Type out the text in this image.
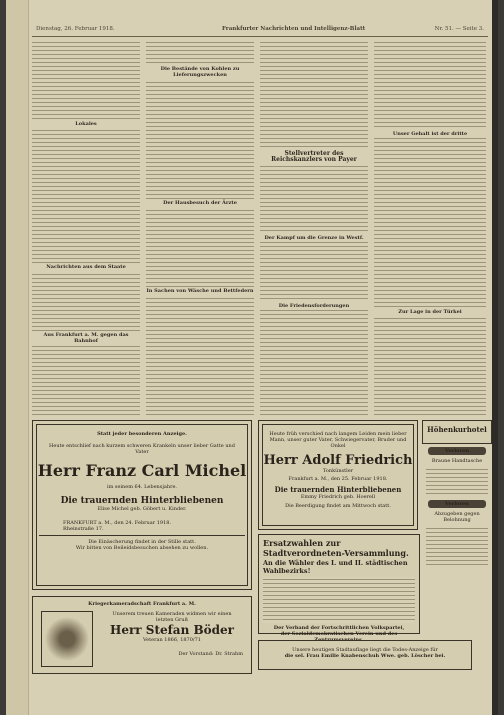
Dienstag, 26. Februar 1918.	Frankfurter Nachrichten und Intelligenz-Blatt	Nr. 51. — Seite 3.
Lokales
Nachrichten aus dem Staate
Aus Frankfurt a. M. gegen das Bahnhof
Die Bestände von Kohlen zu Lieferungszwecken
Der Hausbesuch der Ärzte
In Sachen von Wäsche und Bettfedern
Stellvertreter des Reichskanzlers von Payer
Der Kampf um die Grenze in Westf.
Die Friedensforderungen
Unser Gehalt ist der dritte
Zur Lage in der Türkei
Statt jeder besonderen Anzeige.
Heute entschlief nach kurzem schweren Krankeln unser lieber Gatte und Vater
Herr Franz Carl Michel
im seinem 64. Lebensjahre.
Die trauernden Hinterbliebenen
Elise Michel geb. Göbert u. Kinder.
FRANKFURT a. M., den 24. Februar 1918.
Rheinstraße 17.
Die Einäscherung findet in der Stille statt.
Wir bitten von Beileidsbesuchen absehen zu wollen.
Heute früh verschied nach langem Leiden mein lieber Mann, unser guter Vater, Schwiegervater, Bruder und Onkel
Herr Adolf Friedrich
Tonkünstler
Frankfurt a. M., den 25. Februar 1918.
Die trauernden Hinterbliebenen
Emmy Friedrich geb. Hoerell
Die Beerdigung findet am Mittwoch statt.
Ersatzwahlen zur Stadtverordneten-Versammlung.
An die Wähler des I. und II. städtischen Wahlbezirks!
Der Verband der Fortschrittlichen Volkspartei,
der Sozialdemokratischen Verein und des
Kriegerkameradschaft Frankfurt a. M.
Unserem treuen Kameraden widmen wir einen letzten Gruß
Herr Stefan Böder
Veteran 1866, 1870/71
Der Vorstand: Dr. Strahm
Höhenkurhotel
Verloren
Braune Handtasche
Verloren
Abzugeben gegen Belohnung
Unsere heutigen Stadtauflage liegt die Todes-Anzeige für
die sel. Frau Emilie Knabenschuh Wwe. geb. Löscher bei.
